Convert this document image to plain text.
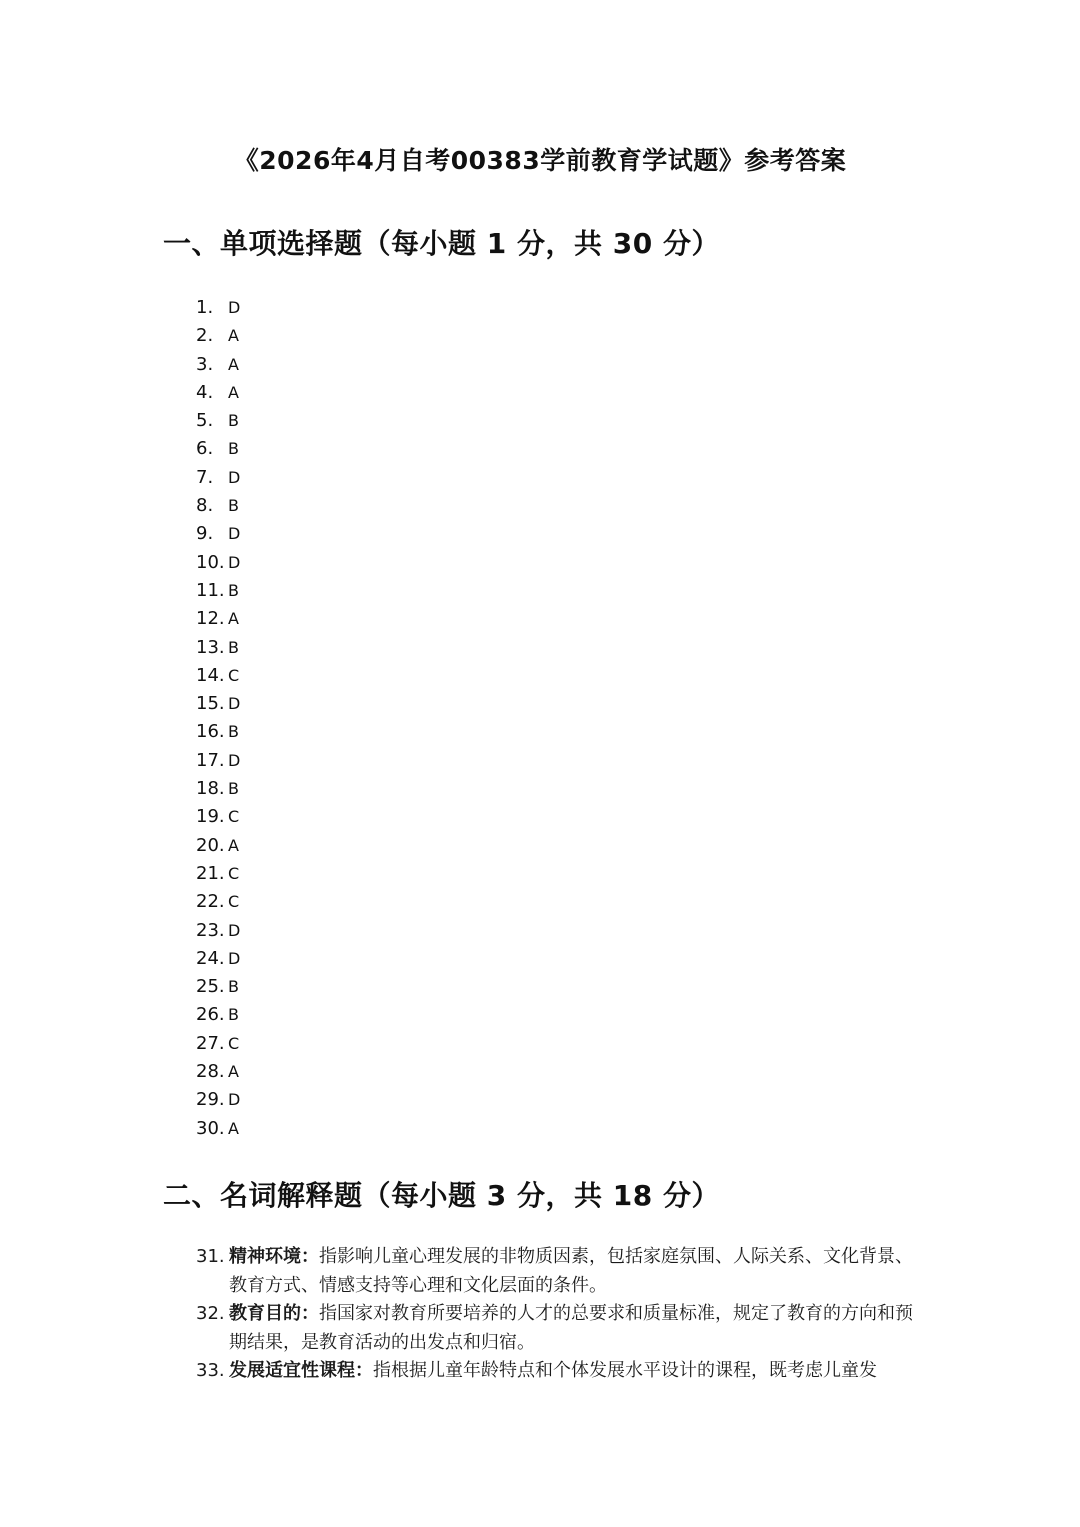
《2026年4月自考00383学前教育学试题》参考答案
一、单项选择题（每小题 1 分，共 30 分）
1. D
2. A
3. A
4. A
5. B
6. B
7. D
8. B
9. D
10. D
11. B
12. A
13. B
14. C
15. D
16. B
17. D
18. B
19. C
20. A
21. C
22. C
23. D
24. D
25. B
26. B
27. C
28. A
29. D
30. A
二、名词解释题（每小题 3 分，共 18 分）
31. 精神环境：指影响儿童心理发展的非物质因素，包括家庭氛围、人际关系、文化背景、教育方式、情感支持等心理和文化层面的条件。
32. 教育目的：指国家对教育所要培养的人才的总要求和质量标准，规定了教育的方向和预期结果，是教育活动的出发点和归宿。
33. 发展适宜性课程：指根据儿童年龄特点和个体发展水平设计的课程，既考虑儿童发
